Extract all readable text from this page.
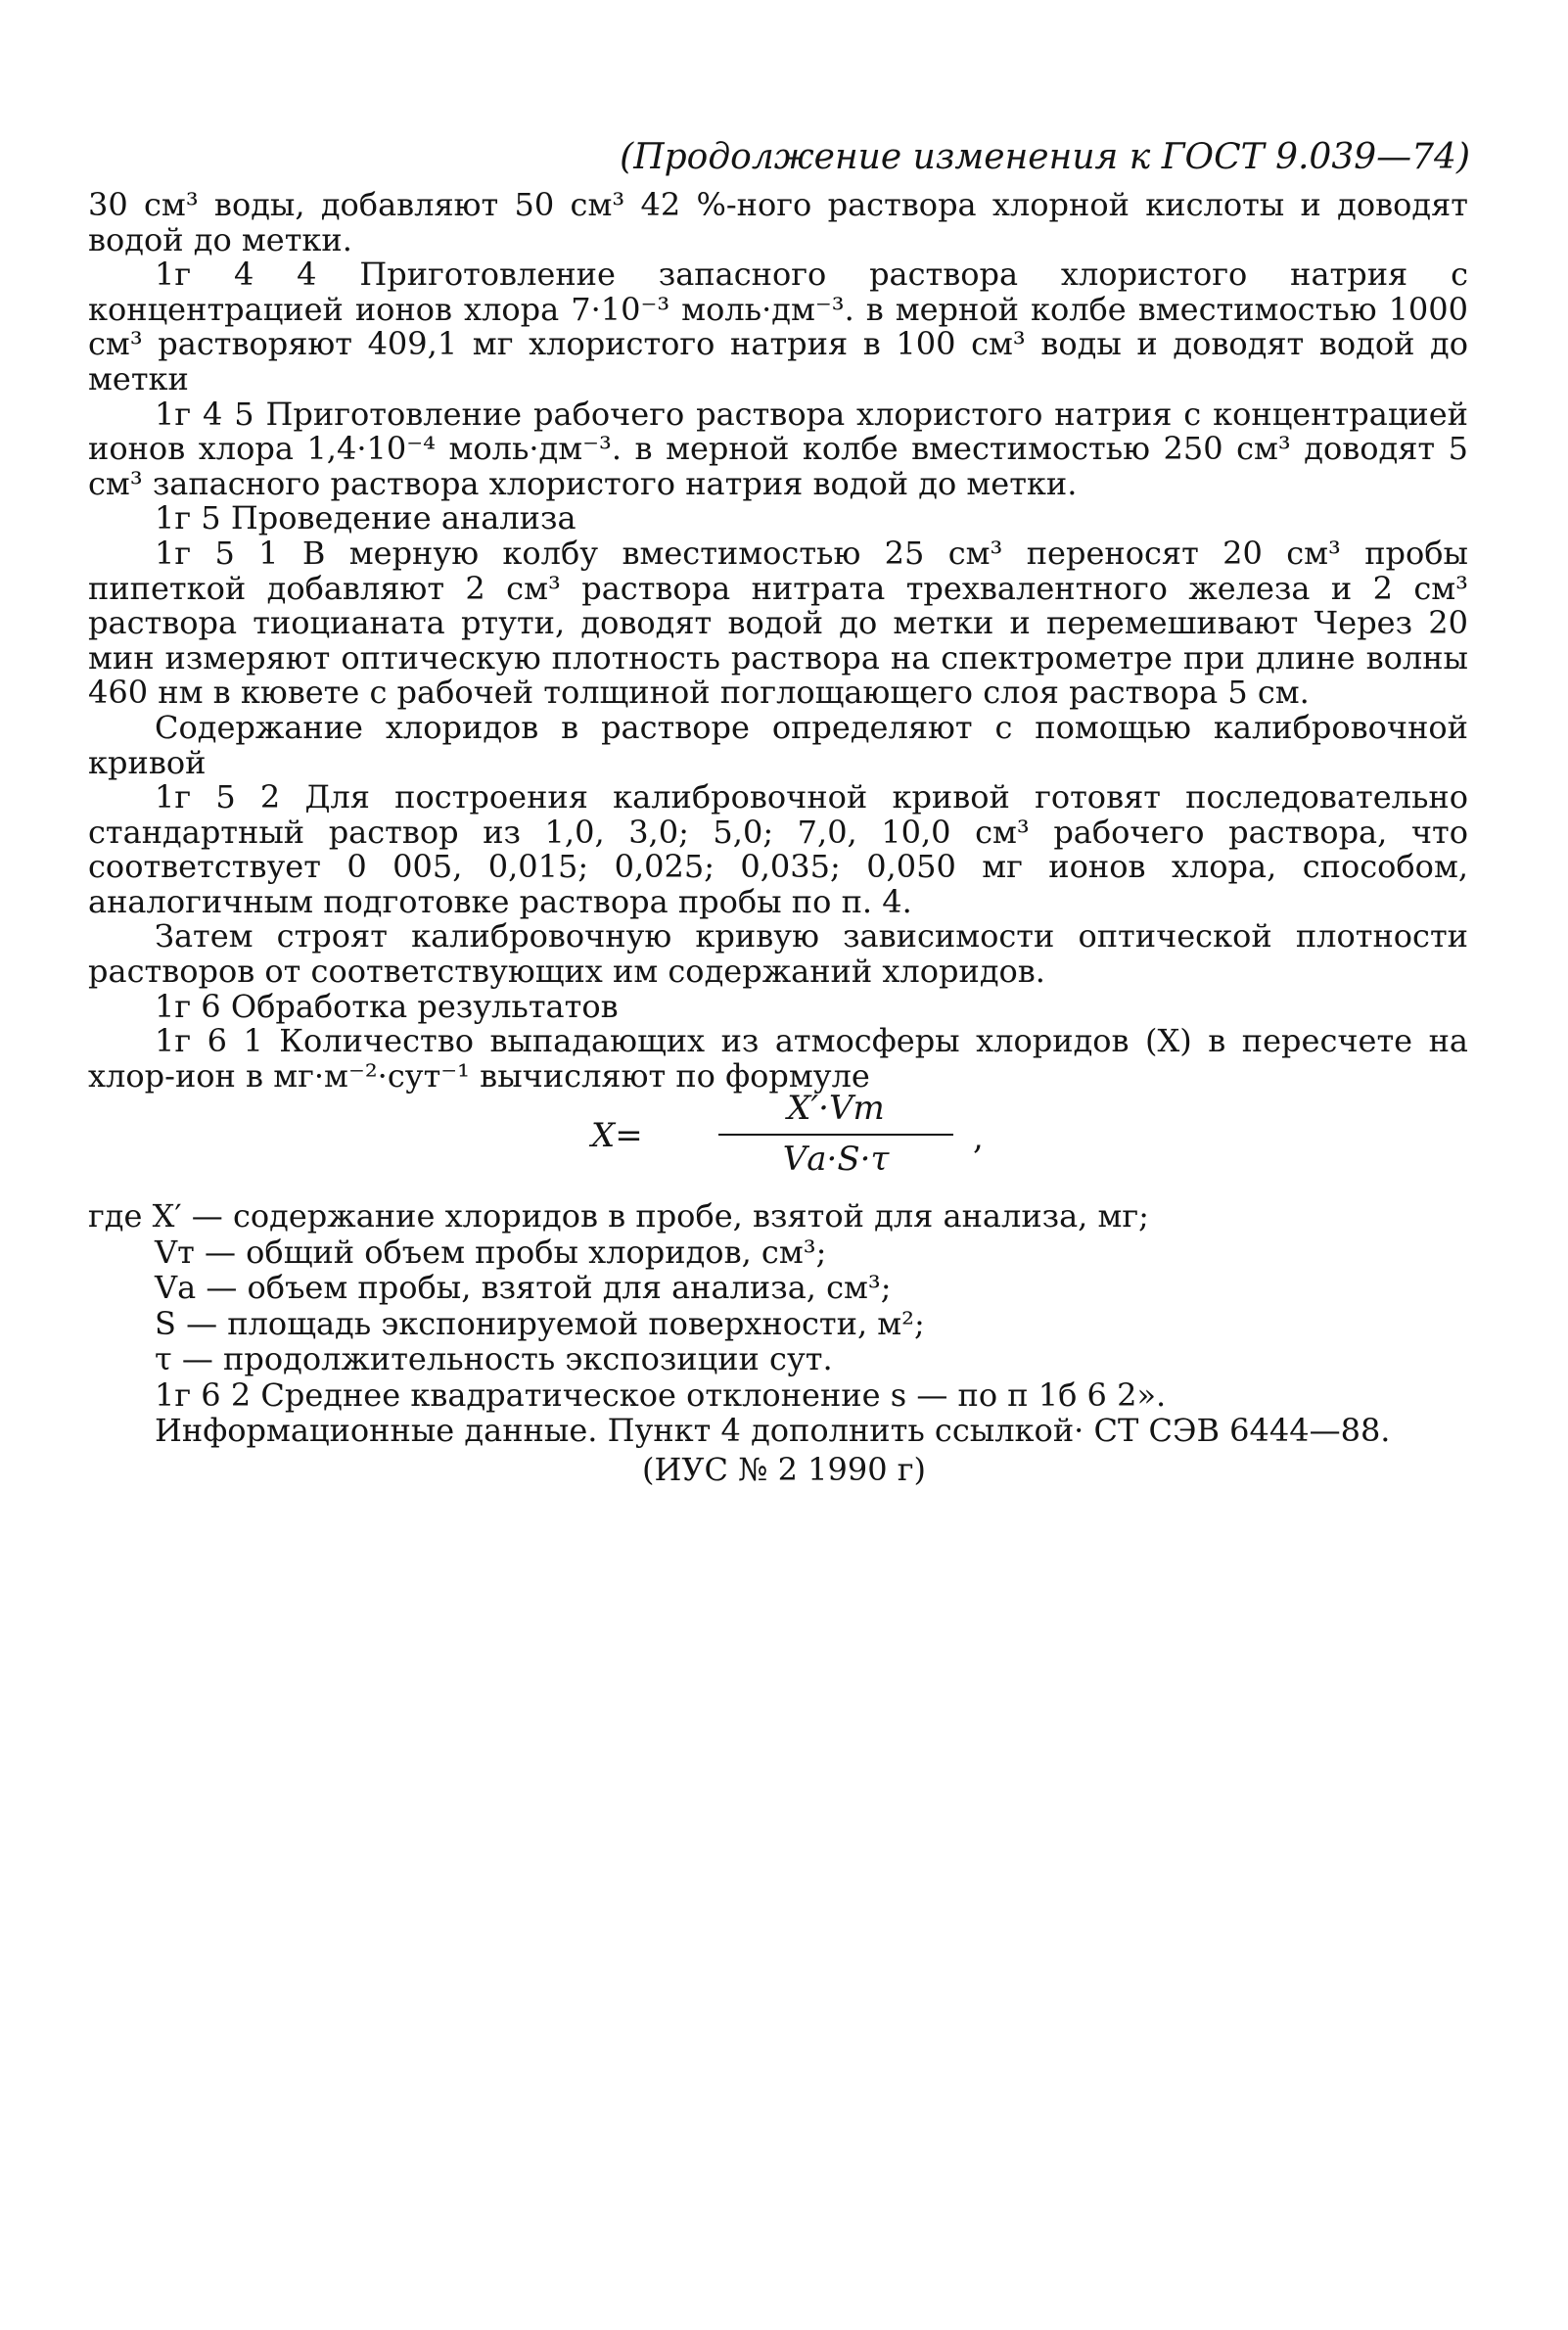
(Продолжение изменения к ГОСТ 9.039—74)

30 см³ воды, добавляют 50 см³ 42 %-ного раствора хлорной кислоты и доводят водой до метки.

1г 4 4 Приготовление запасного раствора хлористого натрия с концентрацией ионов хлора 7·10⁻³ моль·дм⁻³. в мерной колбе вместимостью 1000 см³ растворяют 409,1 мг хлористого натрия в 100 см³ воды и доводят водой до метки

1г 4 5 Приготовление рабочего раствора хлористого натрия с концентрацией ионов хлора 1,4·10⁻⁴ моль·дм⁻³. в мерной колбе вместимостью 250 см³ доводят 5 см³ запасного раствора хлористого натрия водой до метки.

1г 5 Проведение анализа

1г 5 1 В мерную колбу вместимостью 25 см³ переносят 20 см³ пробы пипеткой добавляют 2 см³ раствора нитрата трехвалентного железа и 2 см³ раствора тиоцианата ртути, доводят водой до метки и перемешивают Через 20 мин измеряют оптическую плотность раствора на спектрометре при длине волны 460 нм в кювете с рабочей толщиной поглощающего слоя раствора 5 см.

Содержание хлоридов в растворе определяют с помощью калибровочной кривой

1г 5 2 Для построения калибровочной кривой готовят последовательно стандартный раствор из 1,0, 3,0; 5,0; 7,0, 10,0 см³ рабочего раствора, что соответствует 0 005, 0,015; 0,025; 0,035; 0,050 мг ионов хлора, способом, аналогичным подготовке раствора пробы по п. 4.

Затем строят калибровочную кривую зависимости оптической плотности растворов от соответствующих им содержаний хлоридов.

1г 6 Обработка результатов

1г 6 1 Количество выпадающих из атмосферы хлоридов (X) в пересчете на хлор-ион в мг·м⁻²·сут⁻¹ вычисляют по формуле

X=
X′·Vт
Vа·S·τ
,

где X′ — содержание хлоридов в пробе, взятой для анализа, мг;

Vт — общий объем пробы хлоридов, см³;

Vа — объем пробы, взятой для анализа, см³;

S — площадь экспонируемой поверхности, м²;

τ — продолжительность экспозиции сут.

1г 6 2 Среднее квадратическое отклонение s — по п 1б 6 2».

Информационные данные. Пункт 4 дополнить ссылкой· СТ СЭВ 6444—88.

(ИУС № 2 1990 г)
